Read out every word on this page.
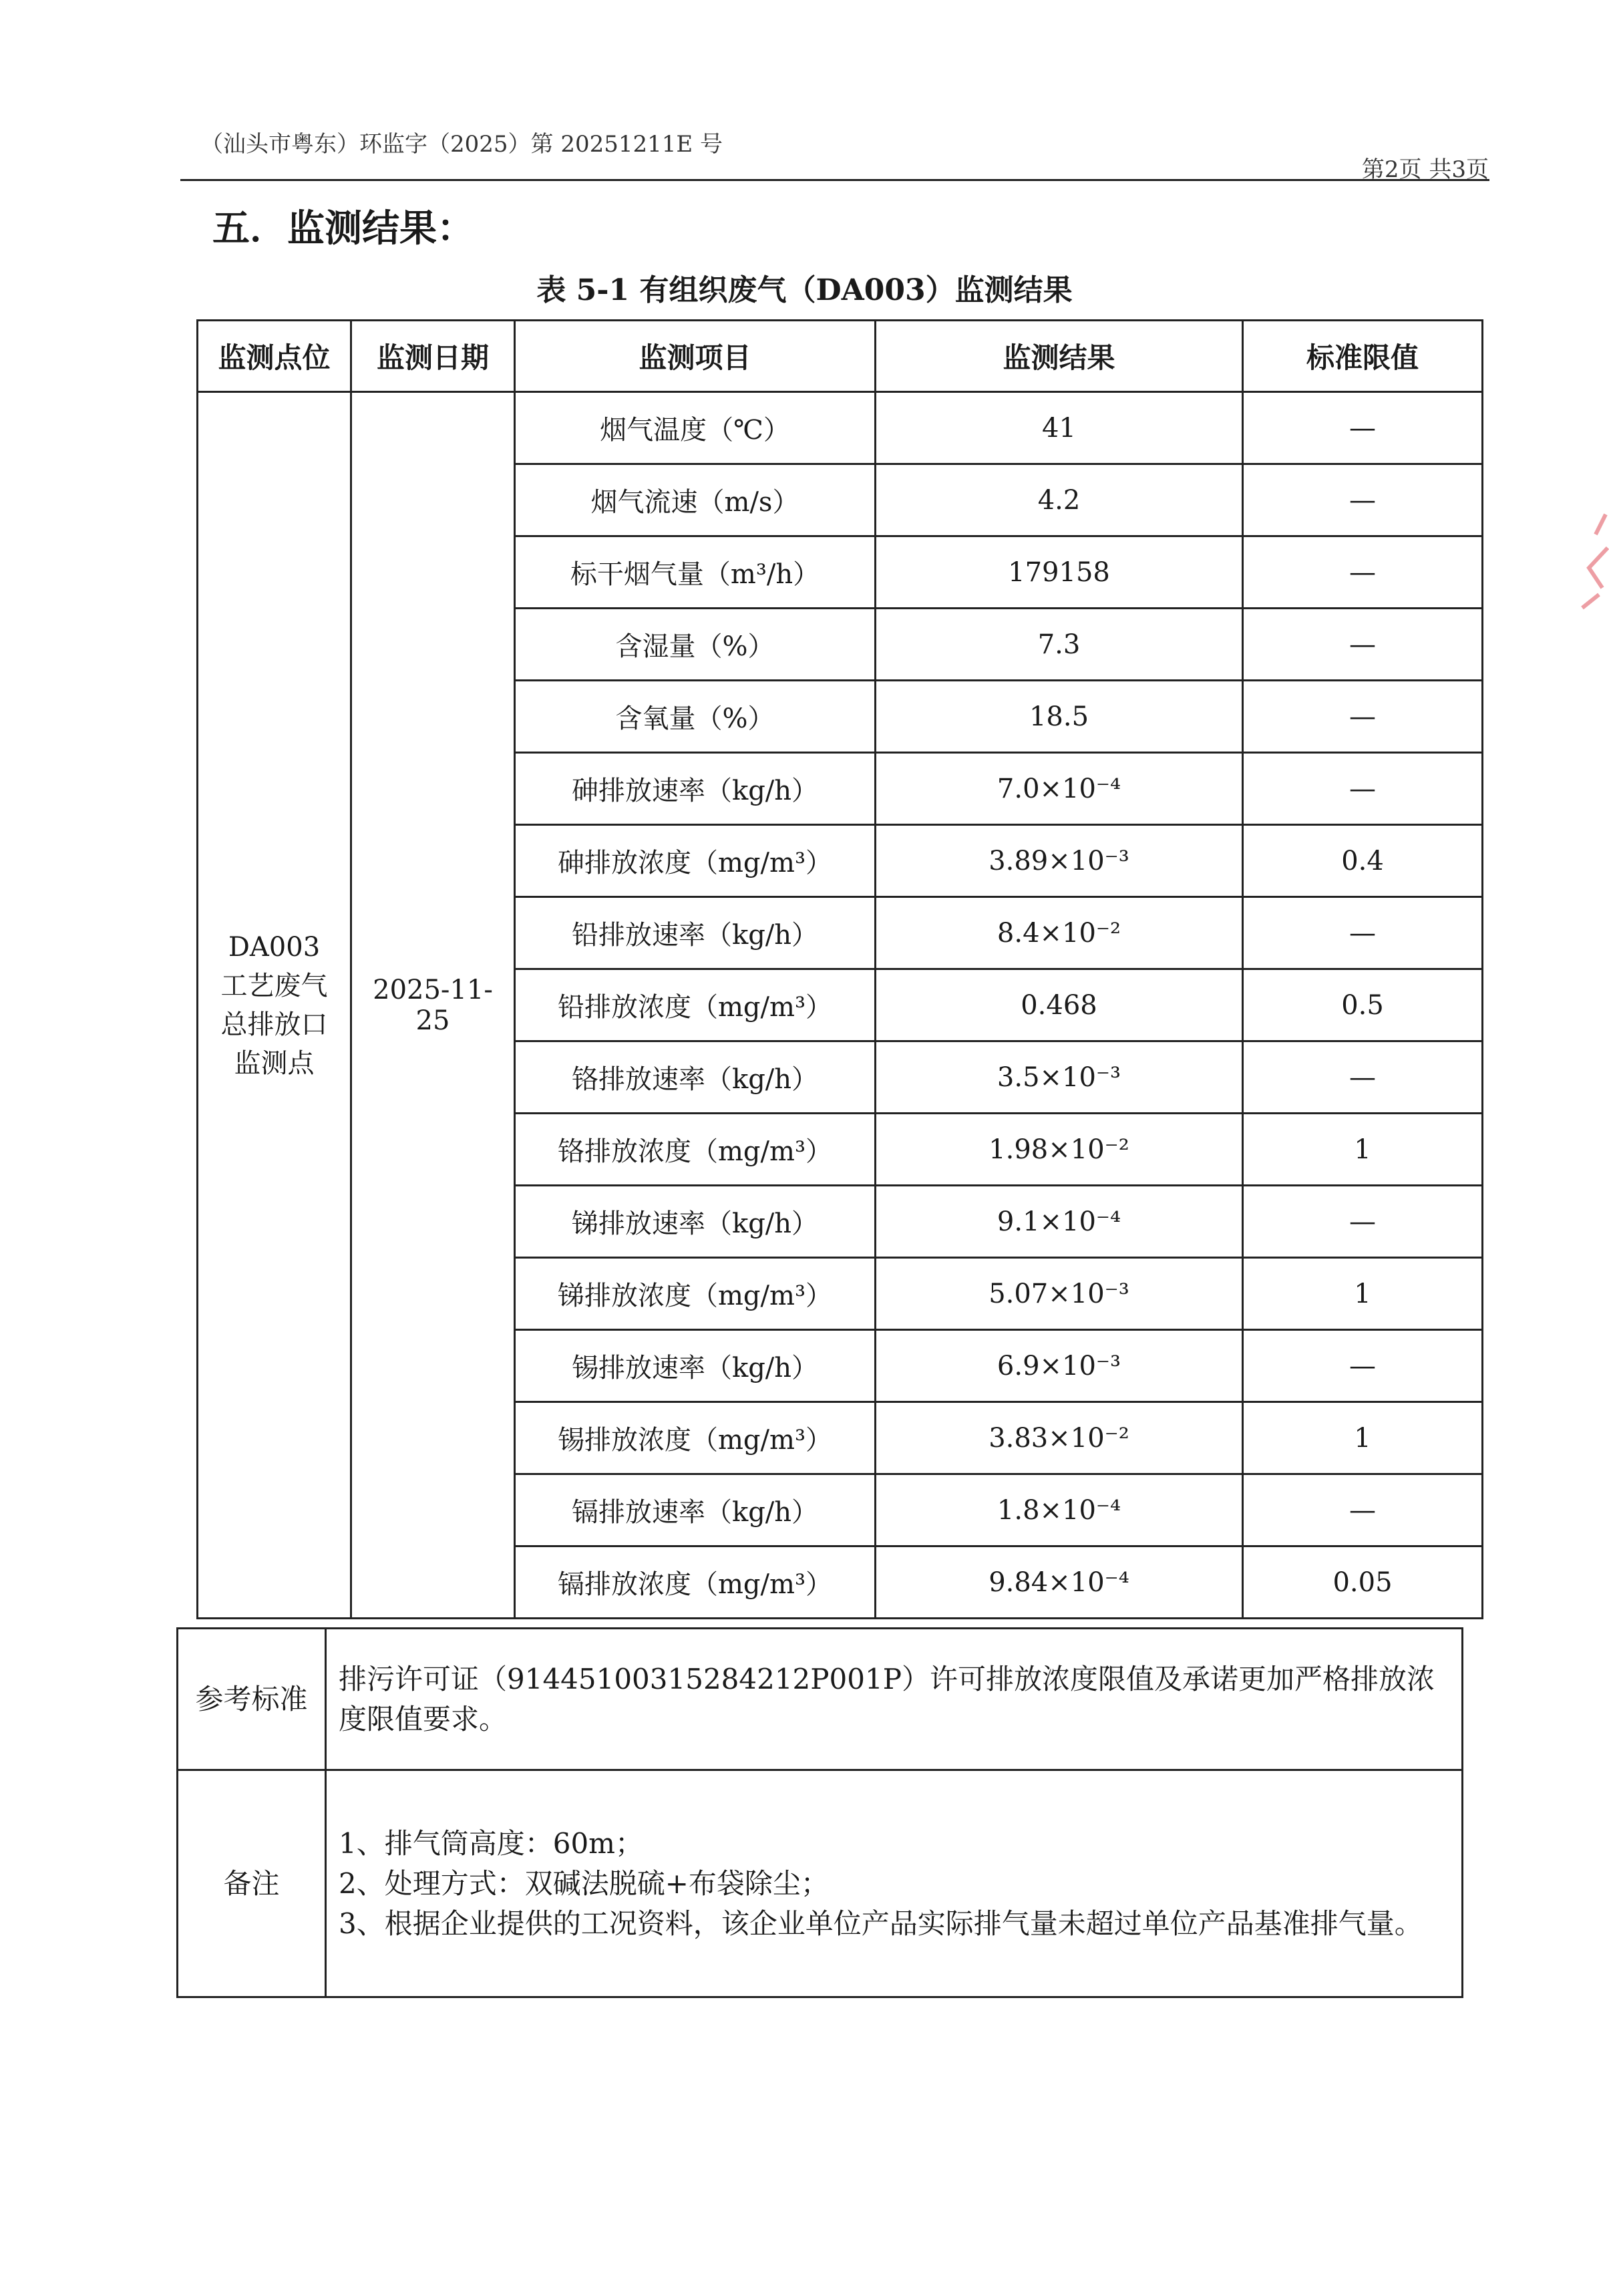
（汕头市粤东）环监字（2025）第 20251211E 号
第2页 共3页
五．监测结果：
表 5-1 有组织废气（DA003）监测结果
监测点位	监测日期	监测项目	监测结果	标准限值

DA003
工艺废气
总排放口
监测点	2025-11-25	烟气温度（℃）	41	—
		烟气流速（m/s）	4.2	—
		标干烟气量（m³/h）	179158	—
		含湿量（%）	7.3	—
		含氧量（%）	18.5	—
		砷排放速率（kg/h）	7.0×10⁻⁴	—
		砷排放浓度（mg/m³）	3.89×10⁻³	0.4
		铅排放速率（kg/h）	8.4×10⁻²	—
		铅排放浓度（mg/m³）	0.468	0.5
		铬排放速率（kg/h）	3.5×10⁻³	—
		铬排放浓度（mg/m³）	1.98×10⁻²	1
		锑排放速率（kg/h）	9.1×10⁻⁴	—
		锑排放浓度（mg/m³）	5.07×10⁻³	1
		锡排放速率（kg/h）	6.9×10⁻³	—
		锡排放浓度（mg/m³）	3.83×10⁻²	1
		镉排放速率（kg/h）	1.8×10⁻⁴	—
		镉排放浓度（mg/m³）	9.84×10⁻⁴	0.05
参考标准	排污许可证（91445100315284212P001P）许可排放浓度限值及承诺更加严格排放浓度限值要求。
备注	1、排气筒高度：60m；
2、处理方式：双碱法脱硫+布袋除尘；
3、根据企业提供的工况资料，该企业单位产品实际排气量未超过单位产品基准排气量。
